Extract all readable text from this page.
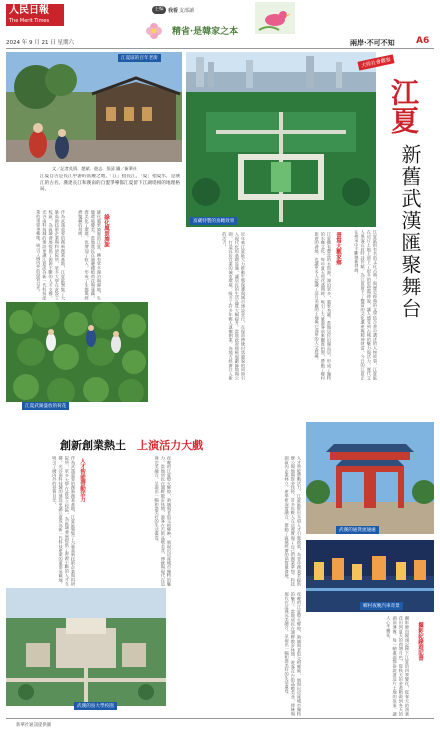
人民日報
The Merit Times
2024 年 9 月 21 日 星期六
主编 我看 支部讀
精省·是韓家之本
兩岸·不可不知 A6
江夏區的百年老街
文／記者吳情．趙斌．遊志．張清 圖／新華社
江夏自古是長江中游的富饒之地，「江」指長江，「夏」指夏水，是漢江的古名。漢達長江和漢南的自盟爭導都江夏留下江湖堤相的地理格局。
大陸社會觀察
富藏特製的鳥瞰效果
江夏
新舊武漢匯聚舞台
江夏區很有名的文化古典，與歷史經典的文學結合書中講述的人物故事，江夏區在這片土地上留下了很多的思想與傳說，讓人感受到古城的魅力與活力。歷代文人墨客在此吟詩作賦，為江夏留下了豐富的文化遺產與精神財富，今日的江夏正在傳承中不斷創新發展。
書寫大觀家鄉
江夏擁有豐富的水資源，湖泊眾多，風景秀麗，當地居民沿湖而居，形成了獨特的水鄉文化。每年夏天荷花盛開時，吸引了大量遊客前來觀賞拍照，帶動了鄉村旅遊的發展，也讓更多人認識了這片美麗的土地與它深厚的人文底蘊。
近年來江夏區大力推動生態保護與城市建設並行，在保留傳統村落風貌的同時引入現代化的基礎設施，讓居民的生活品質大幅提升。當地政府積極規劃綠地與公園，打造宜居宜業的城市環境，吸引了許多年輕人返鄉創業，為地方經濟注入新的活力。
綠化風景旖旎的江夏，擁有眾多湖泊與濕地，生態環境優美。當地農民在湖邊種植荷花與蓮藕，既美化了環境，也增加了收入，形成了生態與經濟雙贏的局面。	綠化風景旖旎
作為武漢重要的創新創業基地，江夏區聚集了大量高新技術企業與科研院所，眾多大學在此設立校區，為區域發展提供了源源不斷的人才支撐。光谷南科技城的建設更讓江夏成為新一代科技產業的重要承載地，吸引了國內外的投資目光。
江夏武湖盛放的荷花
創新創業熱土 上演活力大戲
武漢的通貨流通處
人才智能帶動活力，江夏區推出多項人才引進政策，為青年創業者提供辦公場地與資金扶持，許多年輕人在這裡實現了自己的創業夢想。科技園區內企業林立，產學研深度融合，推動了區域經濟的高質量發展。
夜晚的江夏燈火輝煌，新城與老街交相輝映，展現出這座城市獨特的魅力。當地居民在湖畔散步休閒，遊客在古街品嚐美食，傳統與現代在這裡完美融合，呈現出一幅和諧美好的生活畫卷。
人才智能帶動活力
作為武漢重要的創新創業基地，江夏區聚集了大量高新技術企業與科研院所，眾多大學在此設立校區，為區域發展提供了源源不斷的人才支撐。光谷南科技城的建設更讓江夏成為新一代科技產業的重要承載地，吸引了國內外的投資目光。
鄉村夜晚汽車奇景
武漢的鳥大學校園
攝影紀錄遊記書
攝影師用鏡頭記錄下江夏的四季變化，從春天的油菜花田到夏天的荷塘月色，從秋天的金黃稻穀到冬天的湖面薄霧，每一幀畫面都訴說著這片土地的故事，讓人心生嚮往。
夜晚的江夏燈火輝煌，新城與老街交相輝映，展現出這座城市獨特的魅力。當地居民在湖畔散步休閒，遊客在古街品嚐美食，傳統與現代在這裡完美融合，呈現出一幅和諧美好的生活畫卷。
新華社通訊提供圖
